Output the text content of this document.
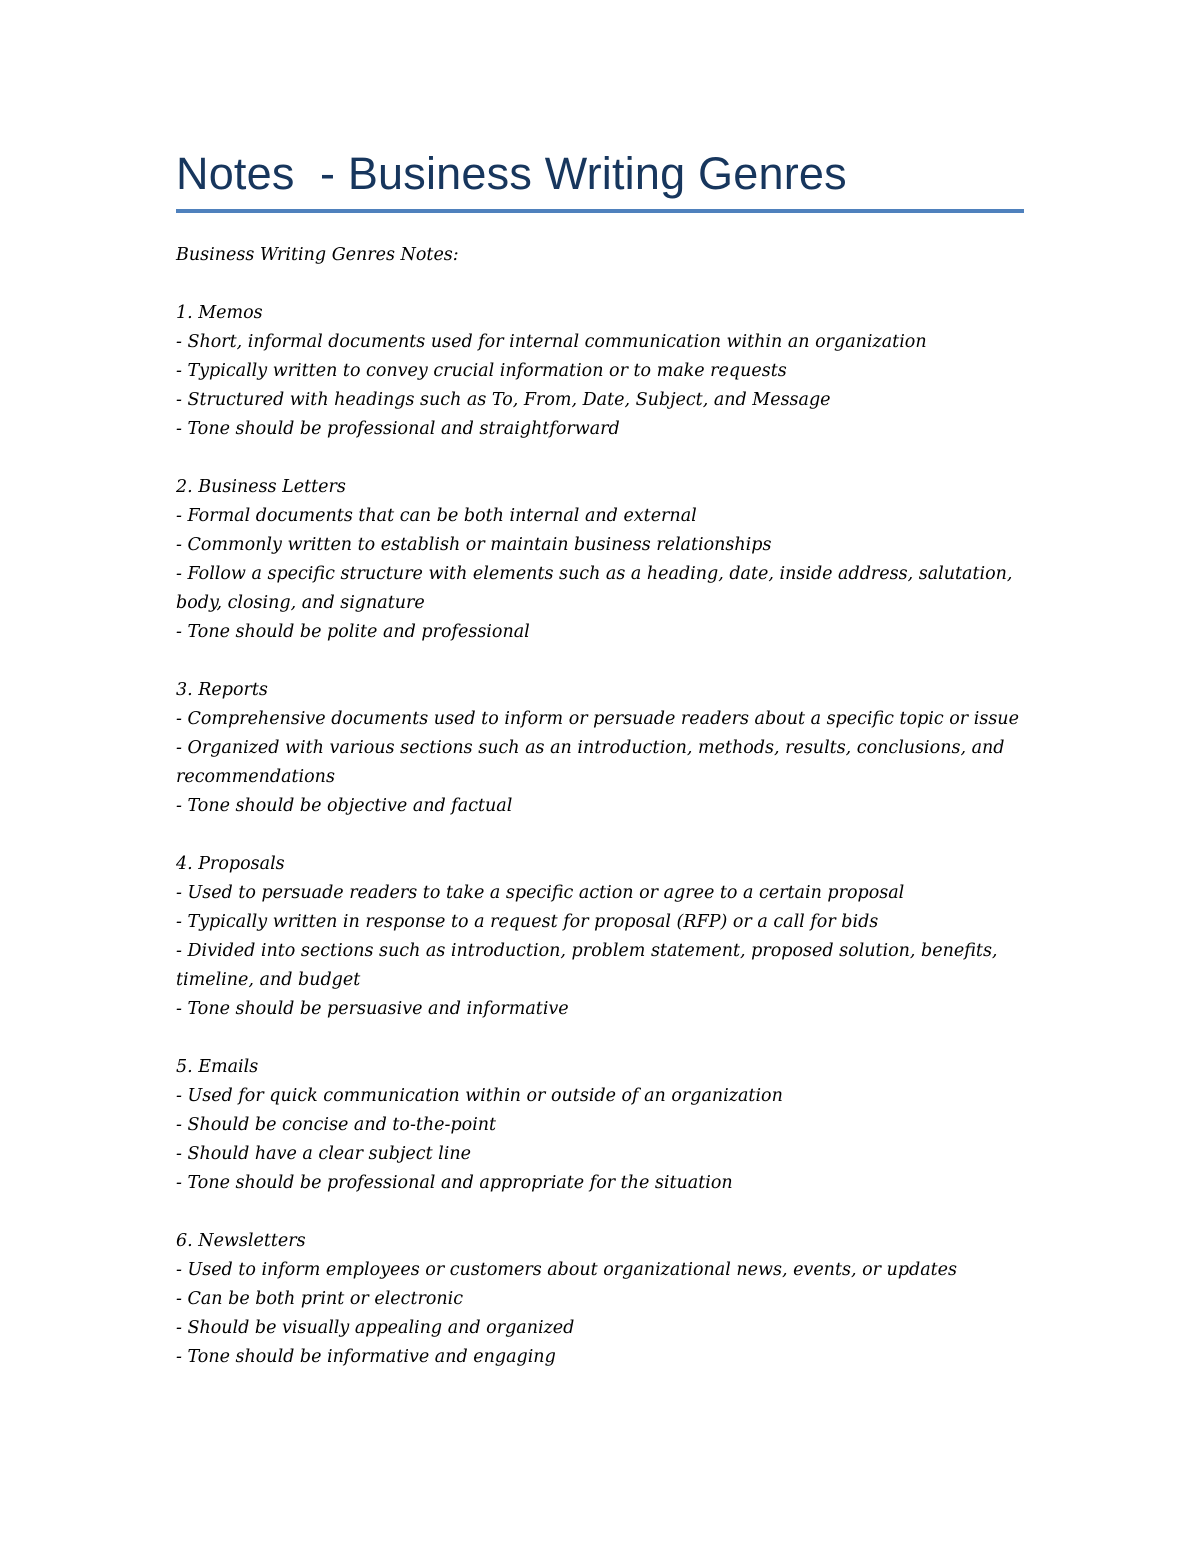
Notes  - Business Writing Genres

Business Writing Genres Notes:

1. Memos

- Short, informal documents used for internal communication within an organization

- Typically written to convey crucial information or to make requests

- Structured with headings such as To, From, Date, Subject, and Message

- Tone should be professional and straightforward

2. Business Letters

- Formal documents that can be both internal and external

- Commonly written to establish or maintain business relationships

- Follow a specific structure with elements such as a heading, date, inside address, salutation, body, closing, and signature

- Tone should be polite and professional

3. Reports

- Comprehensive documents used to inform or persuade readers about a specific topic or issue

- Organized with various sections such as an introduction, methods, results, conclusions, and recommendations

- Tone should be objective and factual

4. Proposals

- Used to persuade readers to take a specific action or agree to a certain proposal

- Typically written in response to a request for proposal (RFP) or a call for bids

- Divided into sections such as introduction, problem statement, proposed solution, benefits, timeline, and budget

- Tone should be persuasive and informative

5. Emails

- Used for quick communication within or outside of an organization

- Should be concise and to-the-point

- Should have a clear subject line

- Tone should be professional and appropriate for the situation

6. Newsletters

- Used to inform employees or customers about organizational news, events, or updates

- Can be both print or electronic

- Should be visually appealing and organized

- Tone should be informative and engaging
